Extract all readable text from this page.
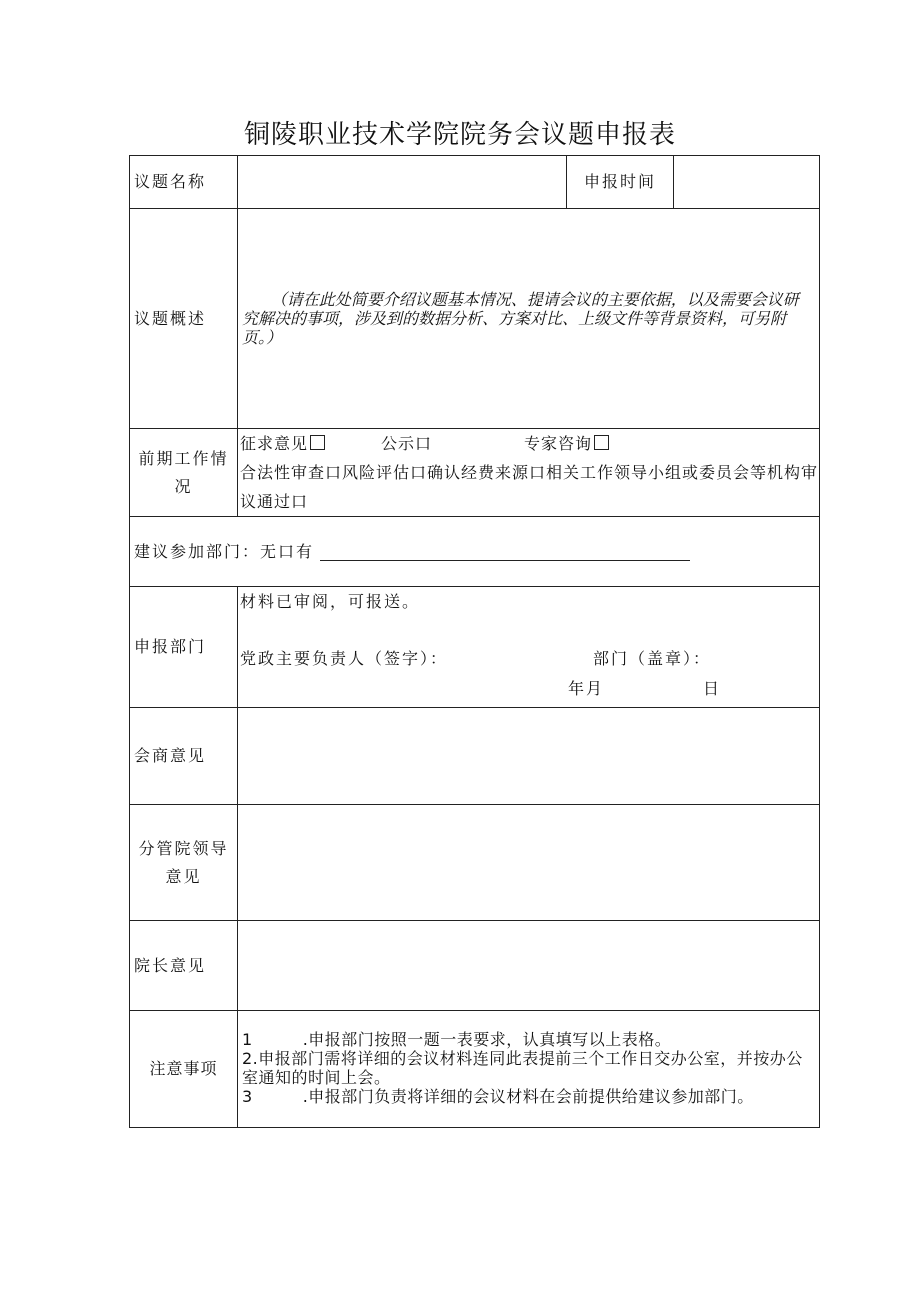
铜陵职业技术学院院务会议题申报表
议题名称		申报时间	
议题概述	（请在此处简要介绍议题基本情况、提请会议的主要依据，以及需要会议研究解决的事项，涉及到的数据分析、方案对比、上级文件等背景资料，可另附页。）		
前期工作情况	征求意见 公示口 专家咨询
合法性审查口风险评估口确认经费来源口相关工作领导小组或委员会等机构审议通过口		

建议参加部门：无口有			
申报部门	材料已审阅，可报送。
党政主要负责人（签字）： 部门（盖章）：
年月 日		

会商意见			
分管院领导意见			
院长意见			
注意事项	1 .申报部门按照一题一表要求，认真填写以上表格。
2.申报部门需将详细的会议材料连同此表提前三个工作日交办公室，并按办公室通知的时间上会。
3 .申报部门负责将详细的会议材料在会前提供给建议参加部门。		
